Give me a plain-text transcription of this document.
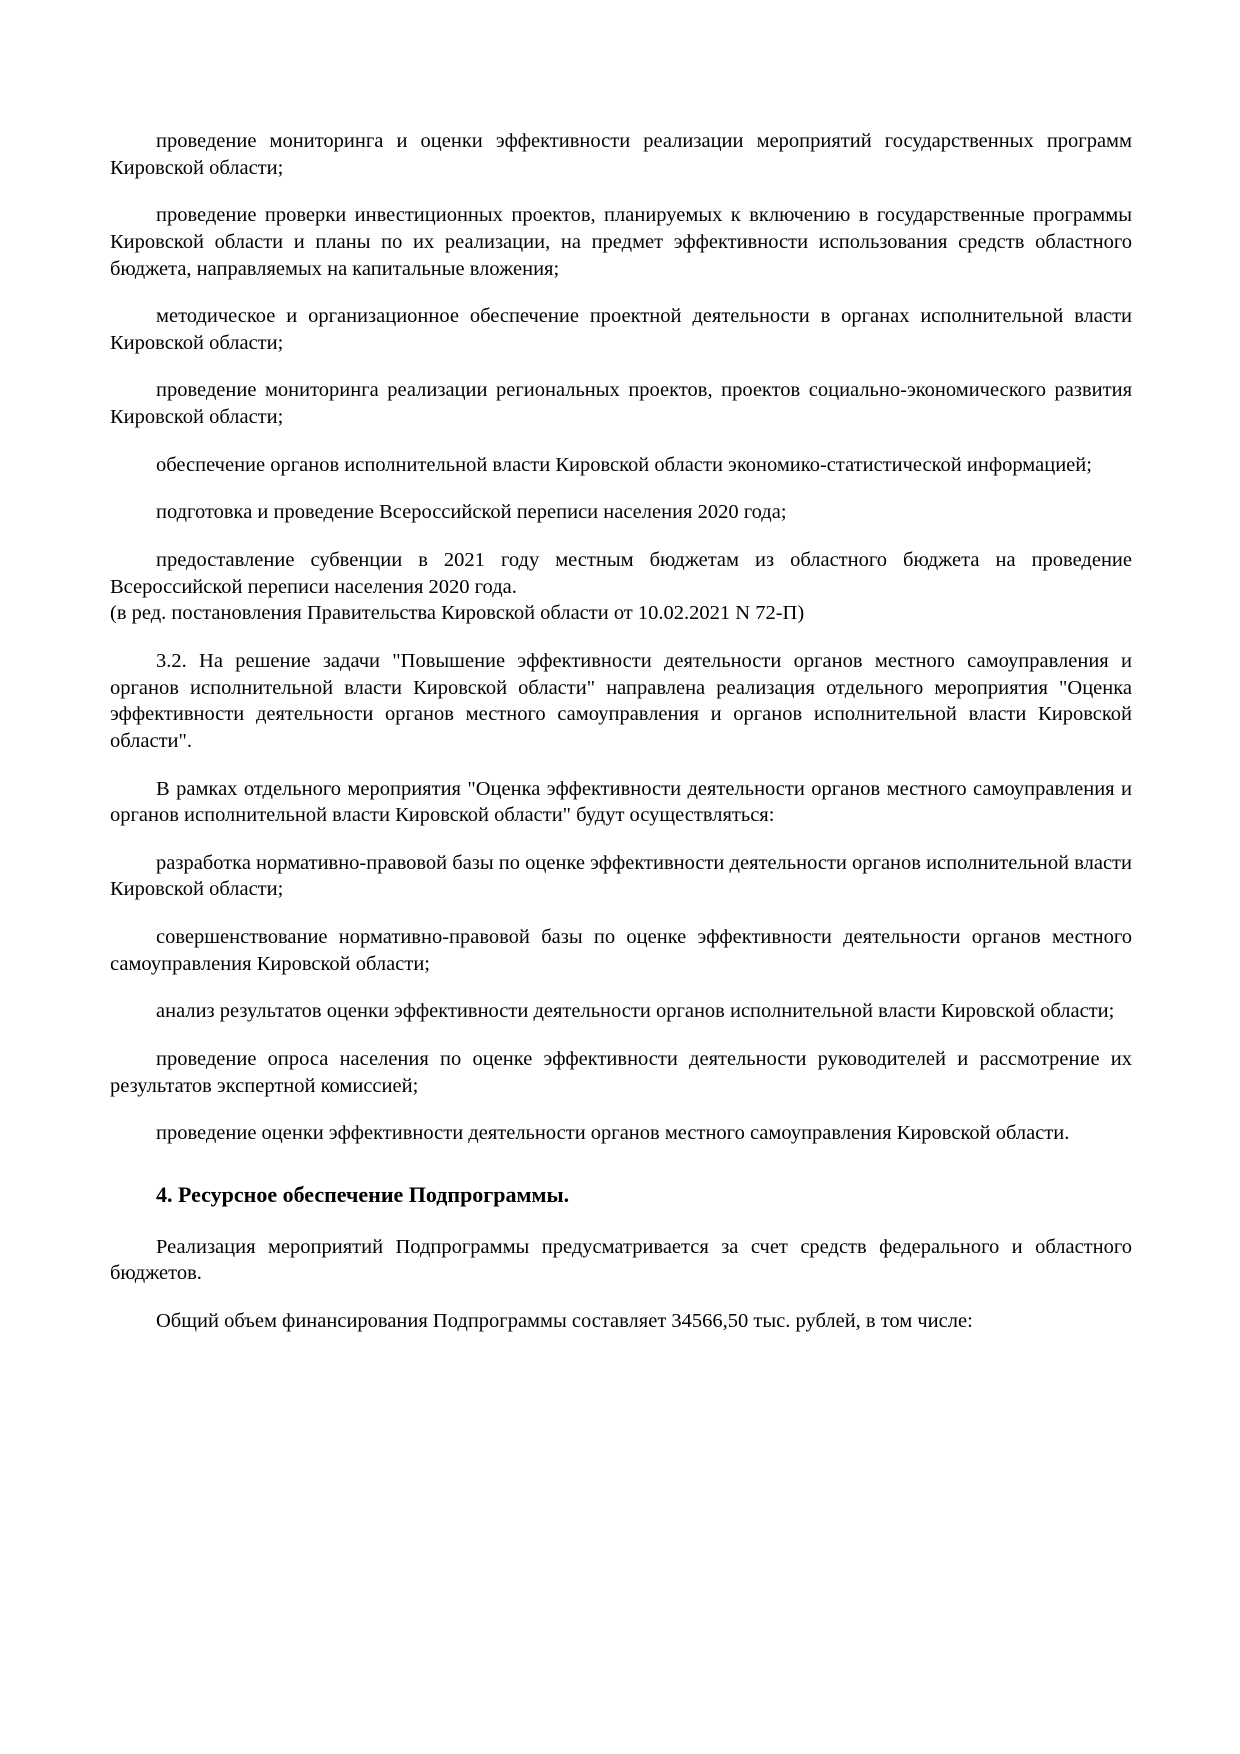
проведение мониторинга и оценки эффективности реализации мероприятий государственных программ Кировской области;

проведение проверки инвестиционных проектов, планируемых к включению в государственные программы Кировской области и планы по их реализации, на предмет эффективности использования средств областного бюджета, направляемых на капитальные вложения;

методическое и организационное обеспечение проектной деятельности в органах исполнительной власти Кировской области;

проведение мониторинга реализации региональных проектов, проектов социально-экономического развития Кировской области;

обеспечение органов исполнительной власти Кировской области экономико-статистической информацией;

подготовка и проведение Всероссийской переписи населения 2020 года;

предоставление субвенции в 2021 году местным бюджетам из областного бюджета на проведение Всероссийской переписи населения 2020 года.

(в ред. постановления Правительства Кировской области от 10.02.2021 N 72-П)

3.2. На решение задачи "Повышение эффективности деятельности органов местного самоуправления и органов исполнительной власти Кировской области" направлена реализация отдельного мероприятия "Оценка эффективности деятельности органов местного самоуправления и органов исполнительной власти Кировской области".

В рамках отдельного мероприятия "Оценка эффективности деятельности органов местного самоуправления и органов исполнительной власти Кировской области" будут осуществляться:

разработка нормативно-правовой базы по оценке эффективности деятельности органов исполнительной власти Кировской области;

совершенствование нормативно-правовой базы по оценке эффективности деятельности органов местного самоуправления Кировской области;

анализ результатов оценки эффективности деятельности органов исполнительной власти Кировской области;

проведение опроса населения по оценке эффективности деятельности руководителей и рассмотрение их результатов экспертной комиссией;

проведение оценки эффективности деятельности органов местного самоуправления Кировской области.

4. Ресурсное обеспечение Подпрограммы.

Реализация мероприятий Подпрограммы предусматривается за счет средств федерального и областного бюджетов.

Общий объем финансирования Подпрограммы составляет 34566,50 тыс. рублей, в том числе:
